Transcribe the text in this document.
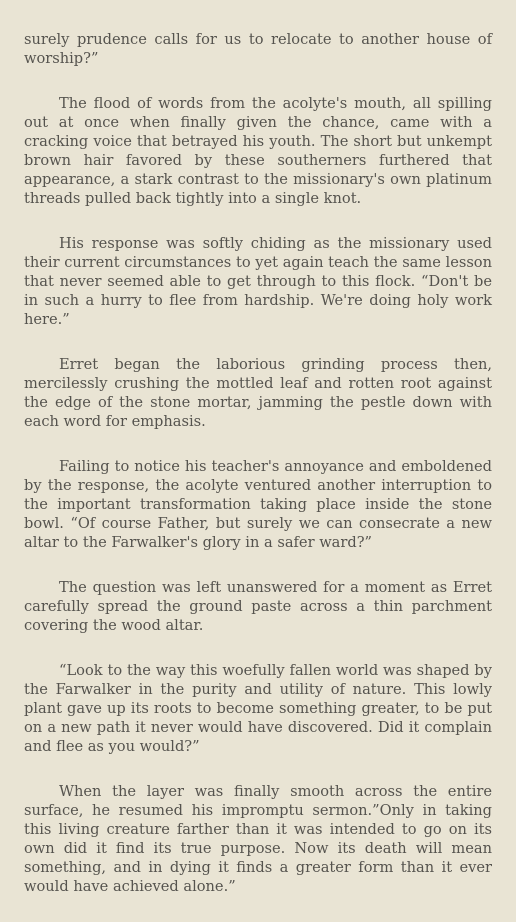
surely prudence calls for us to relocate to another house of worship?”

The flood of words from the acolyte's mouth, all spilling out at once when finally given the chance, came with a cracking voice that betrayed his youth. The short but unkempt brown hair favored by these southerners furthered that appearance, a stark contrast to the missionary's own platinum threads pulled back tightly into a single knot.

His response was softly chiding as the missionary used their current circumstances to yet again teach the same lesson that never seemed able to get through to this flock. “Don't be in such a hurry to flee from hardship. We're doing holy work here.”

Erret began the laborious grinding process then, mercilessly crushing the mottled leaf and rotten root against the edge of the stone mortar, jamming the pestle down with each word for emphasis.

Failing to notice his teacher's annoyance and emboldened by the response, the acolyte ventured another interruption to the important transformation taking place inside the stone bowl. “Of course Father, but surely we can consecrate a new altar to the Farwalker's glory in a safer ward?”

The question was left unanswered for a moment as Erret carefully spread the ground paste across a thin parchment covering the wood altar.

“Look to the way this woefully fallen world was shaped by the Farwalker in the purity and utility of nature. This lowly plant gave up its roots to become something greater, to be put on a new path it never would have discovered. Did it complain and flee as you would?”

When the layer was finally smooth across the entire surface, he resumed his impromptu sermon.”Only in taking this living creature farther than it was intended to go on its own did it find its true purpose. Now its death will mean something, and in dying it finds a greater form than it ever would have achieved alone.”
